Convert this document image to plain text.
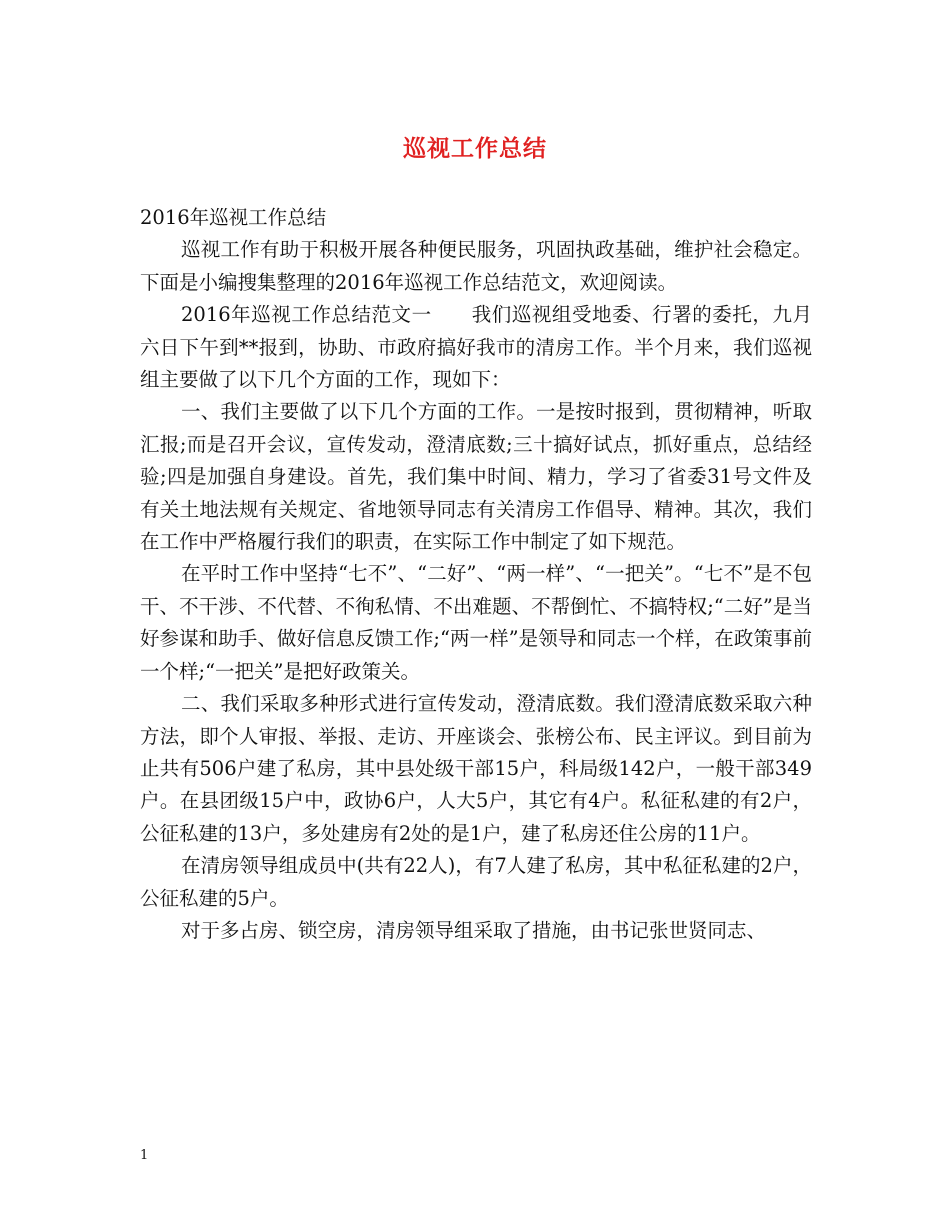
巡视工作总结

2016年巡视工作总结

巡视工作有助于积极开展各种便民服务，巩固执政基础，维护社会稳定。下面是小编搜集整理的2016年巡视工作总结范文，欢迎阅读。

2016年巡视工作总结范文一　　我们巡视组受地委、行署的委托，九月六日下午到**报到，协助、市政府搞好我市的清房工作。半个月来，我们巡视组主要做了以下几个方面的工作，现如下：

一、我们主要做了以下几个方面的工作。一是按时报到，贯彻精神，听取汇报;而是召开会议，宣传发动，澄清底数;三十搞好试点，抓好重点，总结经验;四是加强自身建设。首先，我们集中时间、精力，学习了省委31号文件及有关土地法规有关规定、省地领导同志有关清房工作倡导、精神。其次，我们在工作中严格履行我们的职责，在实际工作中制定了如下规范。

在平时工作中坚持“七不”、“二好”、“两一样”、“一把关”。“七不”是不包干、不干涉、不代替、不徇私情、不出难题、不帮倒忙、不搞特权;“二好”是当好参谋和助手、做好信息反馈工作;“两一样”是领导和同志一个样，在政策事前一个样;“一把关”是把好政策关。

二、我们采取多种形式进行宣传发动，澄清底数。我们澄清底数采取六种方法，即个人审报、举报、走访、开座谈会、张榜公布、民主评议。到目前为止共有506户建了私房，其中县处级干部15户，科局级142户，一般干部349户。在县团级15户中，政协6户，人大5户，其它有4户。私征私建的有2户，公征私建的13户，多处建房有2处的是1户，建了私房还住公房的11户。

在清房领导组成员中(共有22人)，有7人建了私房，其中私征私建的2户，公征私建的5户。

对于多占房、锁空房，清房领导组采取了措施，由书记张世贤同志、

1
